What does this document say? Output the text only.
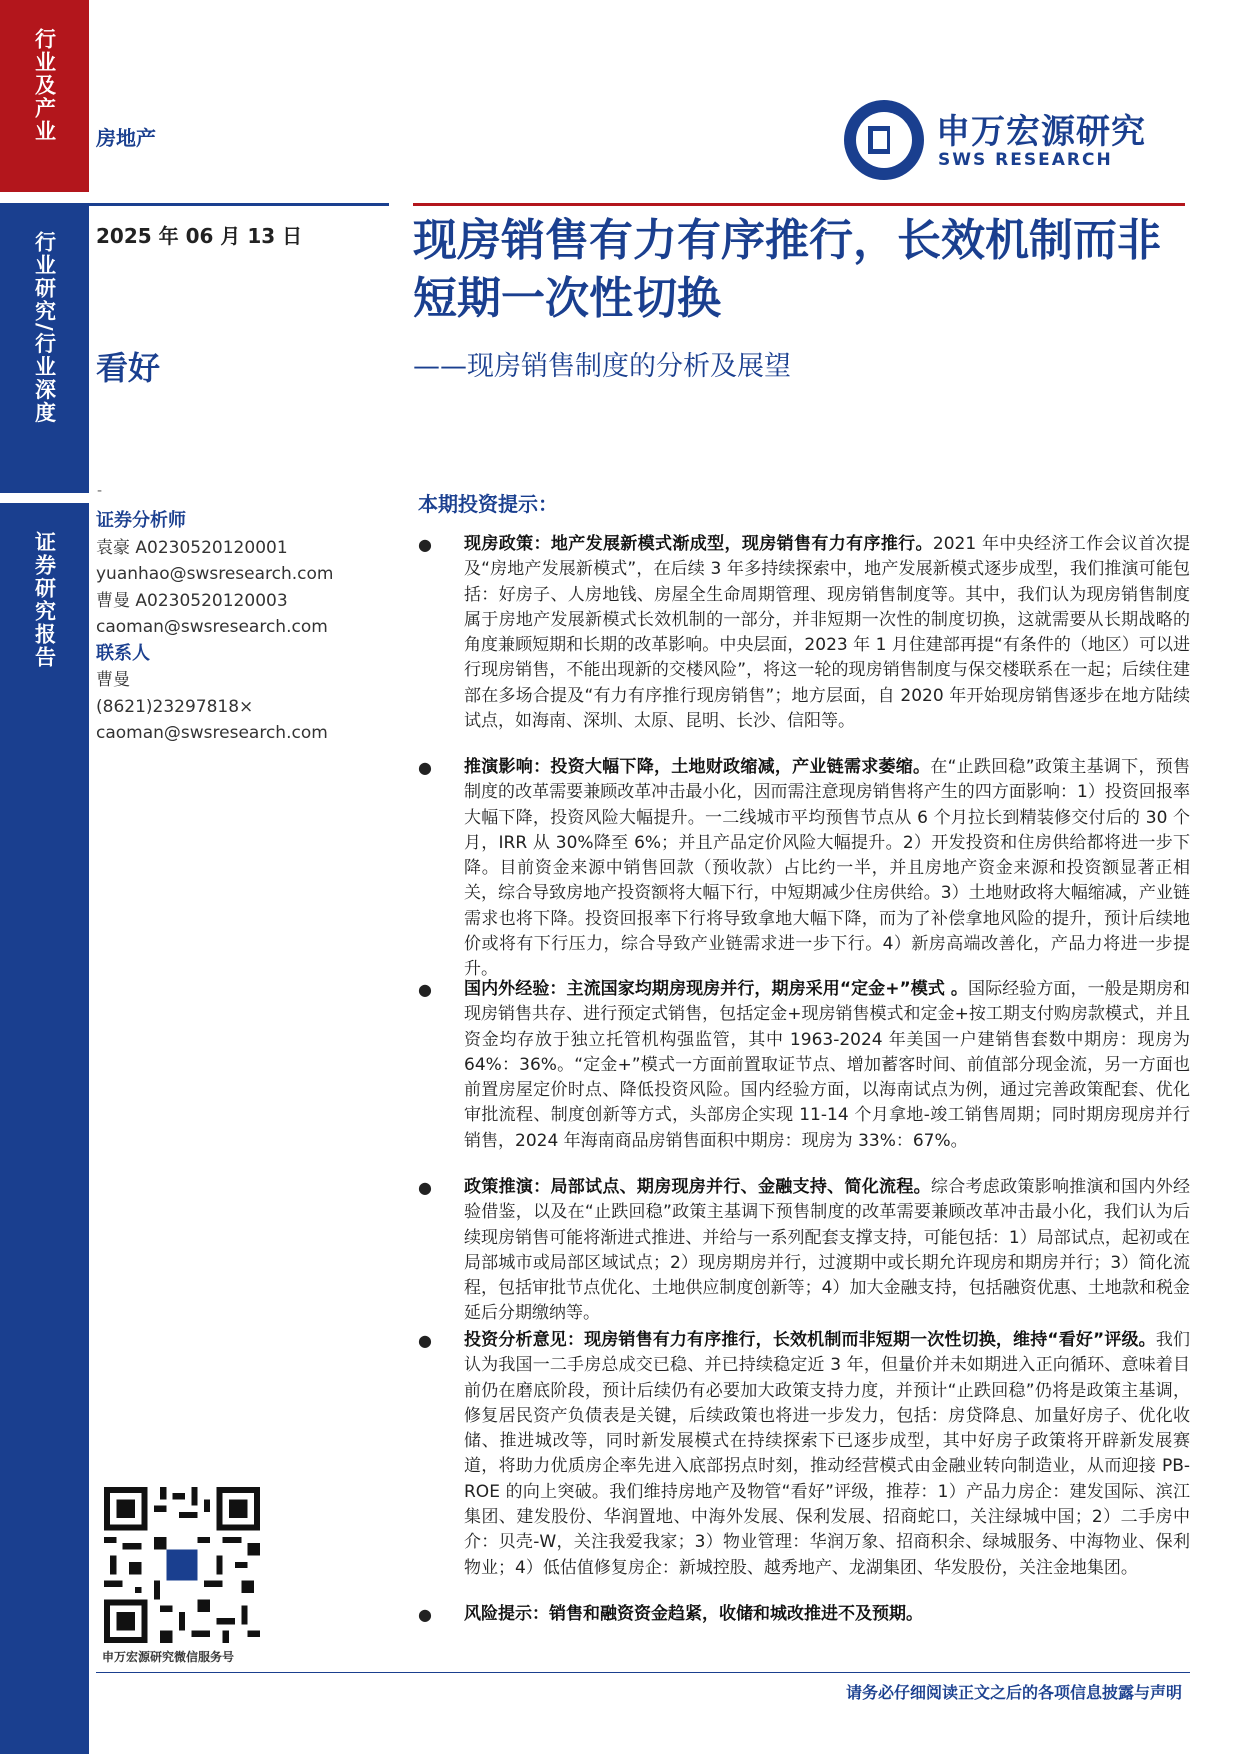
行业及产业
行业研究/行业深度
证券研究报告
房地产	申万宏源研究
SWS RESEARCH
2025 年 06 月 13 日
看好
现房销售有力有序推行，长效机制而非短期一次性切换
——现房销售制度的分析及展望
-
证券分析师
袁豪 A0230520120001
yuanhao@swsresearch.com
曹曼 A0230520120003
caoman@swsresearch.com
联系人
曹曼
(8621)23297818×
caoman@swsresearch.com
申万宏源研究微信服务号
本期投资提示：
● 现房政策：地产发展新模式渐成型，现房销售有力有序推行。2021 年中央经济工作会议首次提及“房地产发展新模式”，在后续 3 年多持续探索中，地产发展新模式逐步成型，我们推演可能包括：好房子、人房地钱、房屋全生命周期管理、现房销售制度等。其中，我们认为现房销售制度属于房地产发展新模式长效机制的一部分，并非短期一次性的制度切换，这就需要从长期战略的角度兼顾短期和长期的改革影响。中央层面，2023 年 1 月住建部再提“有条件的（地区）可以进行现房销售，不能出现新的交楼风险”，将这一轮的现房销售制度与保交楼联系在一起；后续住建部在多场合提及“有力有序推行现房销售”；地方层面，自 2020 年开始现房销售逐步在地方陆续试点，如海南、深圳、太原、昆明、长沙、信阳等。
● 推演影响：投资大幅下降，土地财政缩减，产业链需求萎缩。在“止跌回稳”政策主基调下，预售制度的改革需要兼顾改革冲击最小化，因而需注意现房销售将产生的四方面影响：1）投资回报率大幅下降，投资风险大幅提升。一二线城市平均预售节点从 6 个月拉长到精装修交付后的 30 个月，IRR 从 30%降至 6%；并且产品定价风险大幅提升。2）开发投资和住房供给都将进一步下降。目前资金来源中销售回款（预收款）占比约一半，并且房地产资金来源和投资额显著正相关，综合导致房地产投资额将大幅下行，中短期减少住房供给。3）土地财政将大幅缩减，产业链需求也将下降。投资回报率下行将导致拿地大幅下降，而为了补偿拿地风险的提升，预计后续地价或将有下行压力，综合导致产业链需求进一步下行。4）新房高端改善化，产品力将进一步提升。
● 国内外经验：主流国家均期房现房并行，期房采用“定金+”模式 。国际经验方面，一般是期房和现房销售共存、进行预定式销售，包括定金+现房销售模式和定金+按工期支付购房款模式，并且资金均存放于独立托管机构强监管，其中 1963-2024 年美国一户建销售套数中期房：现房为 64%：36%。“定金+”模式一方面前置取证节点、增加蓄客时间、前值部分现金流，另一方面也前置房屋定价时点、降低投资风险。国内经验方面，以海南试点为例，通过完善政策配套、优化审批流程、制度创新等方式，头部房企实现 11-14 个月拿地-竣工销售周期；同时期房现房并行销售，2024 年海南商品房销售面积中期房：现房为 33%：67%。
● 政策推演：局部试点、期房现房并行、金融支持、简化流程。综合考虑政策影响推演和国内外经验借鉴，以及在“止跌回稳”政策主基调下预售制度的改革需要兼顾改革冲击最小化，我们认为后续现房销售可能将渐进式推进、并给与一系列配套支撑支持，可能包括：1）局部试点，起初或在局部城市或局部区域试点；2）现房期房并行，过渡期中或长期允许现房和期房并行；3）简化流程，包括审批节点优化、土地供应制度创新等；4）加大金融支持，包括融资优惠、土地款和税金延后分期缴纳等。
● 投资分析意见：现房销售有力有序推行，长效机制而非短期一次性切换，维持“看好”评级。我们认为我国一二手房总成交已稳、并已持续稳定近 3 年，但量价并未如期进入正向循环、意味着目前仍在磨底阶段，预计后续仍有必要加大政策支持力度，并预计“止跌回稳”仍将是政策主基调，修复居民资产负债表是关键，后续政策也将进一步发力，包括：房贷降息、加量好房子、优化收储、推进城改等，同时新发展模式在持续探索下已逐步成型，其中好房子政策将开辟新发展赛道，将助力优质房企率先进入底部拐点时刻，推动经营模式由金融业转向制造业，从而迎接 PB-ROE 的向上突破。我们维持房地产及物管“看好”评级，推荐：1）产品力房企：建发国际、滨江集团、建发股份、华润置地、中海外发展、保利发展、招商蛇口，关注绿城中国；2）二手房中介：贝壳-W，关注我爱我家；3）物业管理：华润万象、招商积余、绿城服务、中海物业、保利物业；4）低估值修复房企：新城控股、越秀地产、龙湖集团、华发股份，关注金地集团。
● 风险提示：销售和融资资金趋紧，收储和城改推进不及预期。
请务必仔细阅读正文之后的各项信息披露与声明
